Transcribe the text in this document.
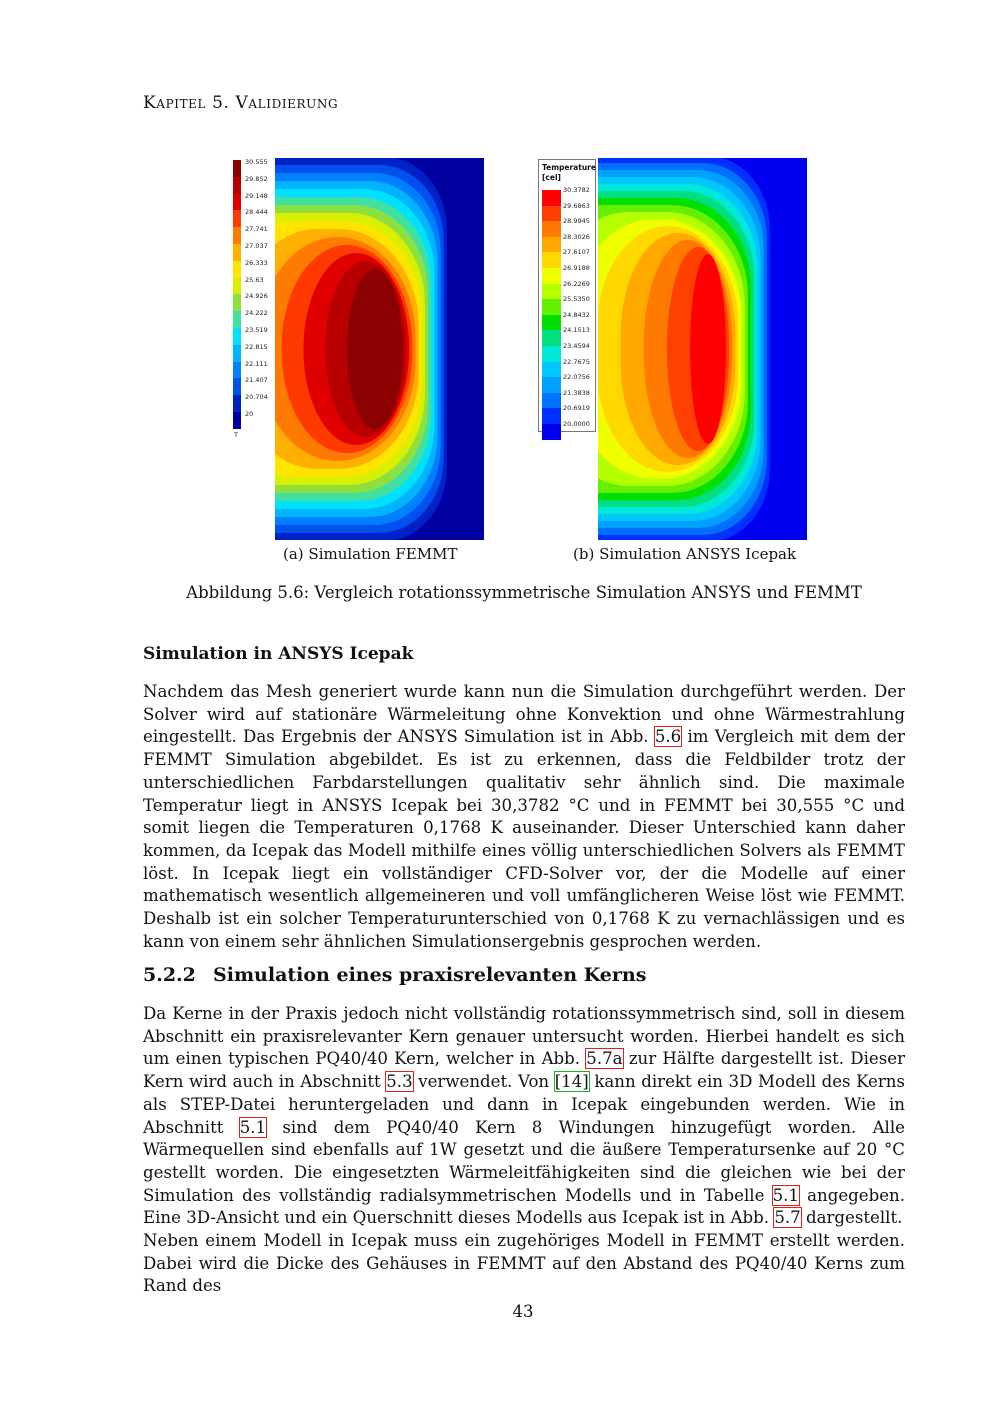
Kapitel 5. Validierung
30.555
29.852
29.148
28.444
27.741
27.037
26.333
25.63
24.926
24.222
23.519
22.815
22.111
21.407
20.704
20
T
Temperature
[cel]
30.3782
29.6863
28.9945
28.3026
27.6107
26.9188
26.2269
25.5350
24.8432
24.1513
23.4594
22.7675
22.0756
21.3838
20.6919
20.0000
(a) Simulation FEMMT	(b) Simulation ANSYS Icepak
Abbildung 5.6: Vergleich rotationssymmetrische Simulation ANSYS und FEMMT
Simulation in ANSYS Icepak
Nachdem das Mesh generiert wurde kann nun die Simulation durchgeführt werden. Der Solver wird auf stationäre Wärmeleitung ohne Konvektion und ohne Wärmestrahlung eingestellt. Das Ergebnis der ANSYS Simulation ist in Abb. 5.6 im Vergleich mit dem der FEMMT Simulation abgebildet. Es ist zu erkennen, dass die Feldbilder trotz der unterschiedlichen Farbdarstellungen qualitativ sehr ähnlich sind. Die maximale Temperatur liegt in ANSYS Icepak bei 30,3782 °C und in FEMMT bei 30,555 °C und somit liegen die Temperaturen 0,1768 K auseinander. Dieser Unterschied kann daher kommen, da Icepak das Modell mithilfe eines völlig unterschiedlichen Solvers als FEMMT löst. In Icepak liegt ein vollständiger CFD-Solver vor, der die Modelle auf einer mathematisch wesentlich allgemeineren und voll umfänglicheren Weise löst wie FEMMT. Deshalb ist ein solcher Temperaturunterschied von 0,1768 K zu vernachlässigen und es kann von einem sehr ähnlichen Simulationsergebnis gesprochen werden.
5.2.2 Simulation eines praxisrelevanten Kerns
Da Kerne in der Praxis jedoch nicht vollständig rotationssymmetrisch sind, soll in diesem Abschnitt ein praxisrelevanter Kern genauer untersucht worden. Hierbei handelt es sich um einen typischen PQ40/40 Kern, welcher in Abb. 5.7a zur Hälfte dargestellt ist. Dieser Kern wird auch in Abschnitt 5.3 verwendet. Von [14] kann direkt ein 3D Modell des Kerns als STEP-Datei heruntergeladen und dann in Icepak eingebunden werden. Wie in Abschnitt 5.1 sind dem PQ40/40 Kern 8 Windungen hinzugefügt worden. Alle Wärmequellen sind ebenfalls auf 1W gesetzt und die äußere Temperatursenke auf 20 °C gestellt worden. Die eingesetzten Wärmeleitfähigkeiten sind die gleichen wie bei der Simulation des vollständig radialsymmetrischen Modells und in Tabelle 5.1 angegeben. Eine 3D-Ansicht und ein Querschnitt dieses Modells aus Icepak ist in Abb. 5.7 dargestellt.
Neben einem Modell in Icepak muss ein zugehöriges Modell in FEMMT erstellt werden. Dabei wird die Dicke des Gehäuses in FEMMT auf den Abstand des PQ40/40 Kerns zum Rand des
43
